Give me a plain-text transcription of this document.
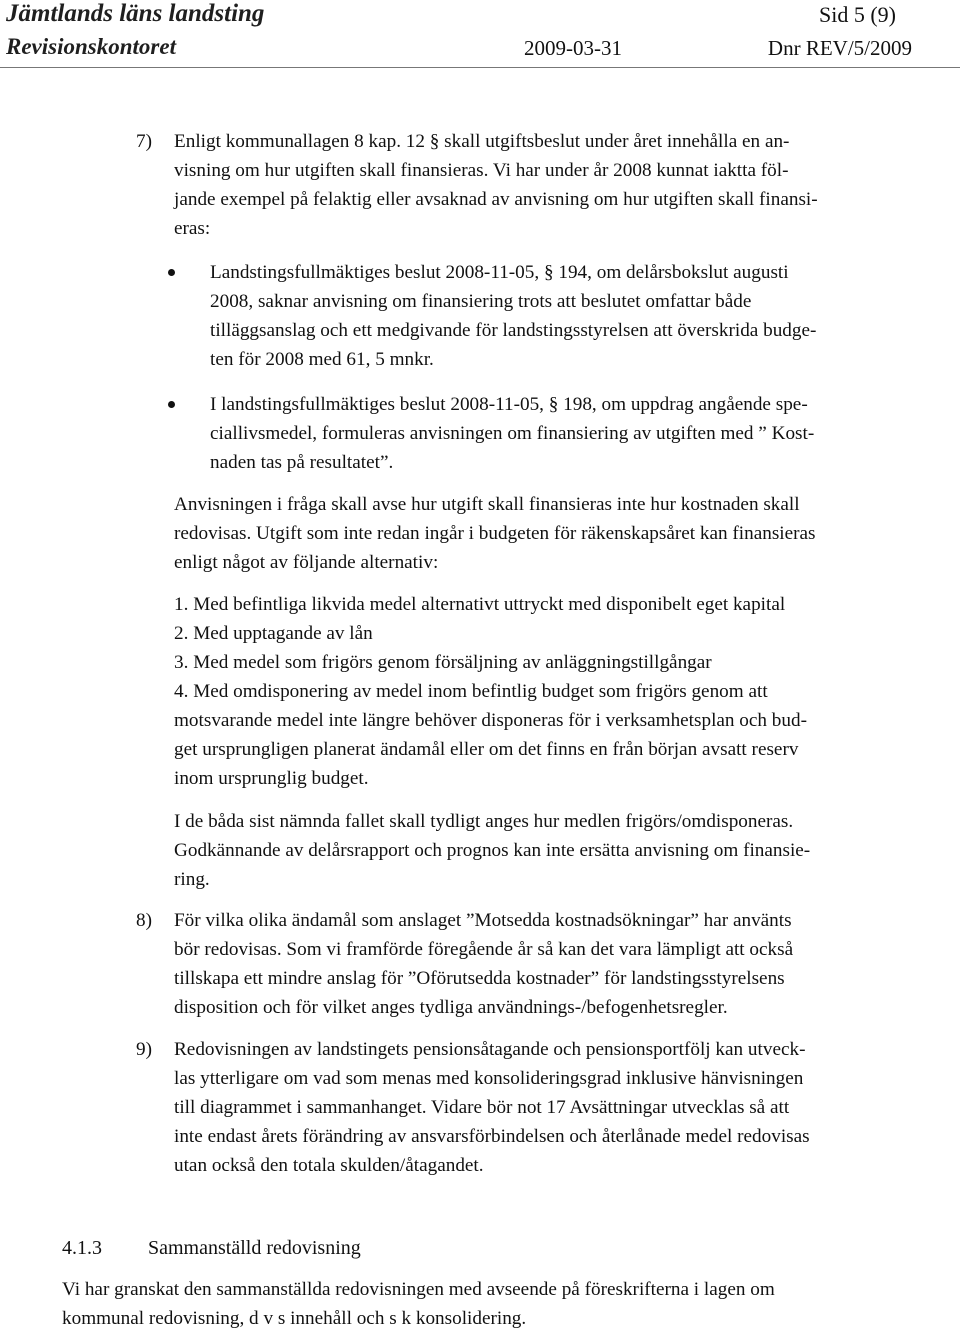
Jämtlands läns landsting
Revisionskontoret
Sid 5 (9)
2009-03-31	Dnr REV/5/2009
7) Enligt kommunallagen 8 kap. 12 § skall utgiftsbeslut under året innehålla en an-
visning om hur utgiften skall finansieras. Vi har under år 2008 kunnat iaktta föl-
jande exempel på felaktig eller avsaknad av anvisning om hur utgiften skall finansi-
eras:
Landstingsfullmäktiges beslut 2008-11-05, § 194, om delårsbokslut augusti
2008, saknar anvisning om finansiering trots att beslutet omfattar både
tilläggsanslag och ett medgivande för landstingsstyrelsen att överskrida budge-
ten för 2008 med 61, 5 mnkr.
I landstingsfullmäktiges beslut 2008-11-05, § 198, om uppdrag angående spe-
ciallivsmedel, formuleras anvisningen om finansiering av utgiften med ” Kost-
naden tas på resultatet”.
Anvisningen i fråga skall avse hur utgift skall finansieras inte hur kostnaden skall
redovisas. Utgift som inte redan ingår i budgeten för räkenskapsåret kan finansieras
enligt något av följande alternativ:
1. Med befintliga likvida medel alternativt uttryckt med disponibelt eget kapital
2. Med upptagande av lån
3. Med medel som frigörs genom försäljning av anläggningstillgångar
4. Med omdisponering av medel inom befintlig budget som frigörs genom att
motsvarande medel inte längre behöver disponeras för i verksamhetsplan och bud-
get ursprungligen planerat ändamål eller om det finns en från början avsatt reserv
inom ursprunglig budget.
I de båda sist nämnda fallet skall tydligt anges hur medlen frigörs/omdisponeras.
Godkännande av delårsrapport och prognos kan inte ersätta anvisning om finansie-
ring.
8) För vilka olika ändamål som anslaget ”Motsedda kostnadsökningar” har använts
bör redovisas. Som vi framförde föregående år så kan det vara lämpligt att också
tillskapa ett mindre anslag för ”Oförutsedda kostnader” för landstingsstyrelsens
disposition och för vilket anges tydliga användnings-/befogenhetsregler.
9) Redovisningen av landstingets pensionsåtagande och pensionsportfölj kan utveck-
las ytterligare om vad som menas med konsolideringsgrad inklusive hänvisningen
till diagrammet i sammanhanget. Vidare bör not 17 Avsättningar utvecklas så att
inte endast årets förändring av ansvarsförbindelsen och återlånade medel redovisas
utan också den totala skulden/åtagandet.
4.1.3 Sammanställd redovisning
Vi har granskat den sammanställda redovisningen med avseende på föreskrifterna i lagen om
kommunal redovisning, d v s innehåll och s k konsolidering.
